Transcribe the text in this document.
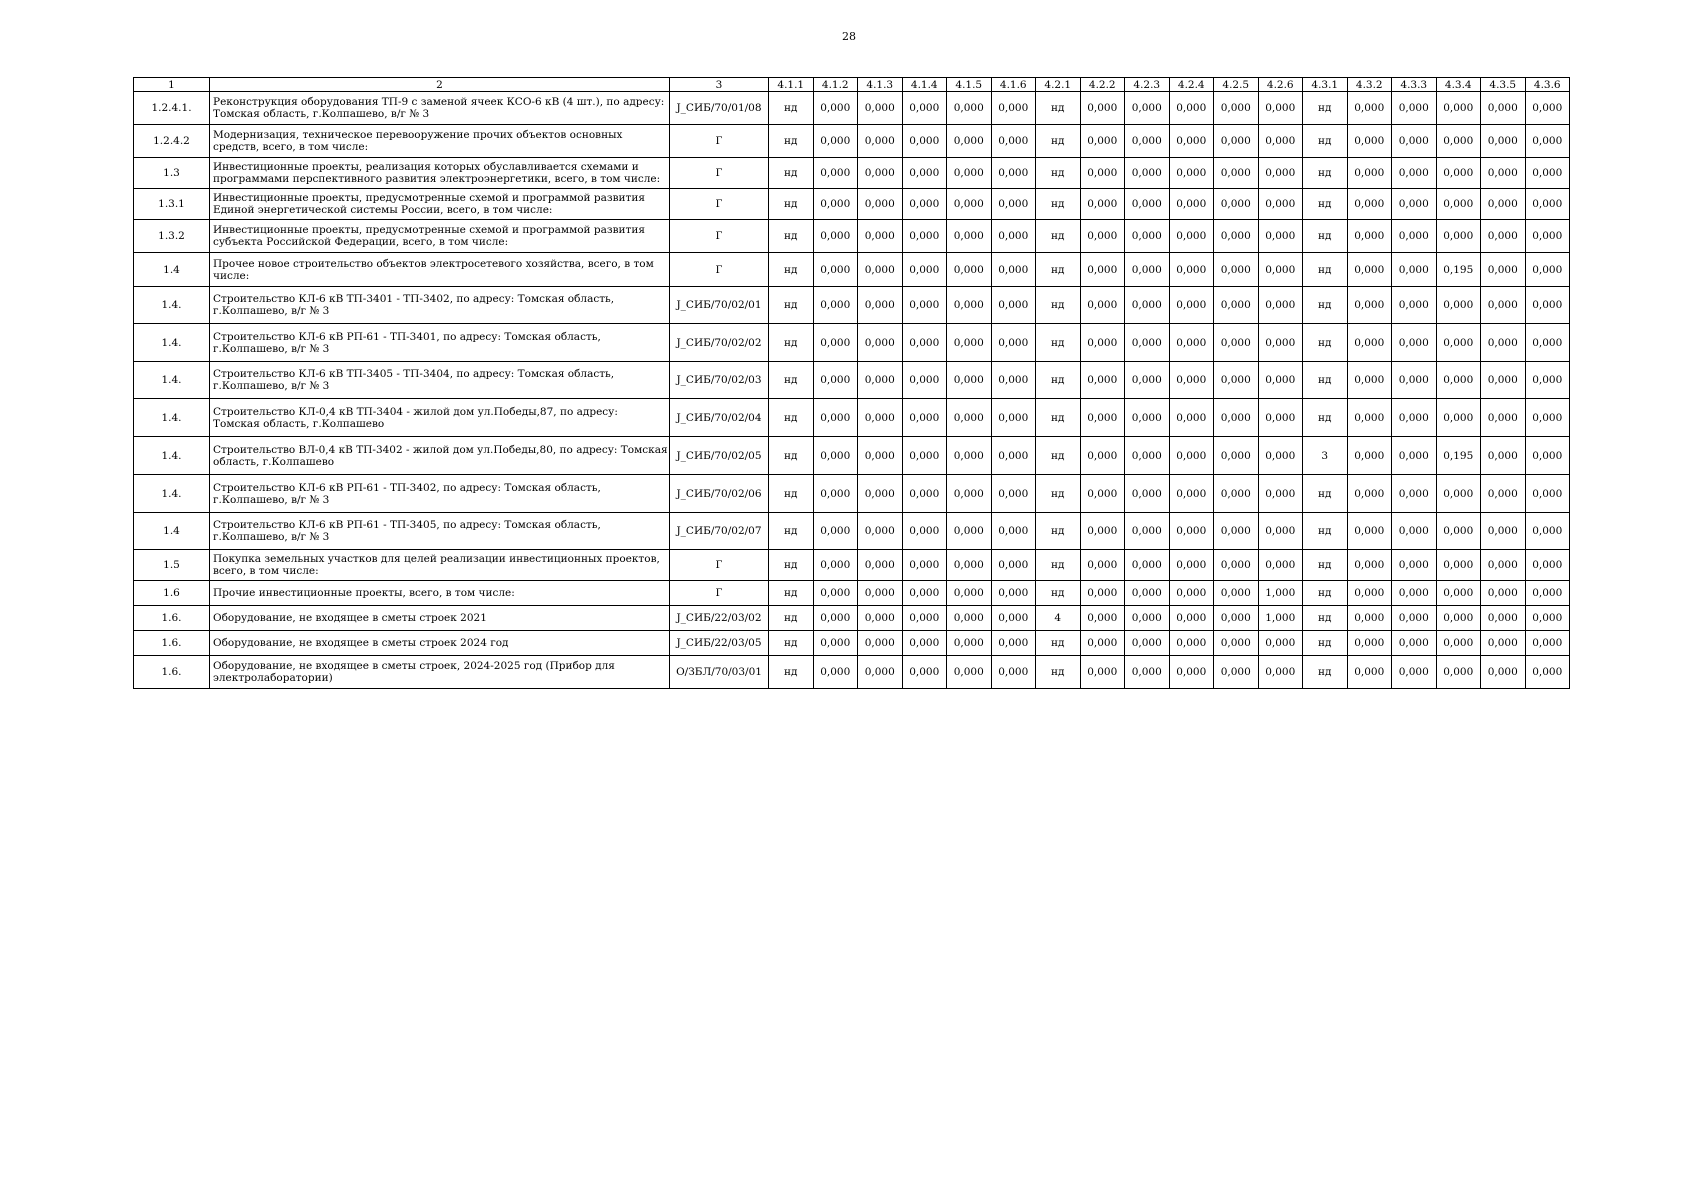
28
1	2	3	4.1.1	4.1.2	4.1.3	4.1.4	4.1.5	4.1.6	4.2.1	4.2.2	4.2.3	4.2.4	4.2.5	4.2.6	4.3.1	4.3.2	4.3.3	4.3.4	4.3.5	4.3.6
1.2.4.1.	Реконструкция оборудования ТП-9 с заменой ячеек КСО-6 кВ (4 шт.), по адресу: Томская область, г.Колпашево, в/г № 3	J_СИБ/70/01/08	нд	0,000	0,000	0,000	0,000	0,000	нд	0,000	0,000	0,000	0,000	0,000	нд	0,000	0,000	0,000	0,000	0,000
1.2.4.2	Модернизация, техническое перевооружение прочих объектов основных средств, всего, в том числе:	Г	нд	0,000	0,000	0,000	0,000	0,000	нд	0,000	0,000	0,000	0,000	0,000	нд	0,000	0,000	0,000	0,000	0,000
1.3	Инвестиционные проекты, реализация которых обуславливается схемами и программами перспективного развития электроэнергетики, всего, в том числе:	Г	нд	0,000	0,000	0,000	0,000	0,000	нд	0,000	0,000	0,000	0,000	0,000	нд	0,000	0,000	0,000	0,000	0,000
1.3.1	Инвестиционные проекты, предусмотренные схемой и программой развития Единой энергетической системы России, всего, в том числе:	Г	нд	0,000	0,000	0,000	0,000	0,000	нд	0,000	0,000	0,000	0,000	0,000	нд	0,000	0,000	0,000	0,000	0,000
1.3.2	Инвестиционные проекты, предусмотренные схемой и программой развития субъекта Российской Федерации, всего, в том числе:	Г	нд	0,000	0,000	0,000	0,000	0,000	нд	0,000	0,000	0,000	0,000	0,000	нд	0,000	0,000	0,000	0,000	0,000
1.4	Прочее новое строительство объектов электросетевого хозяйства, всего, в том числе:	Г	нд	0,000	0,000	0,000	0,000	0,000	нд	0,000	0,000	0,000	0,000	0,000	нд	0,000	0,000	0,195	0,000	0,000
1.4.	Строительство КЛ-6 кВ ТП-3401 - ТП-3402, по адресу: Томская область, г.Колпашево, в/г № 3	J_СИБ/70/02/01	нд	0,000	0,000	0,000	0,000	0,000	нд	0,000	0,000	0,000	0,000	0,000	нд	0,000	0,000	0,000	0,000	0,000
1.4.	Строительство КЛ-6 кВ РП-61 - ТП-3401, по адресу: Томская область, г.Колпашево, в/г № 3	J_СИБ/70/02/02	нд	0,000	0,000	0,000	0,000	0,000	нд	0,000	0,000	0,000	0,000	0,000	нд	0,000	0,000	0,000	0,000	0,000
1.4.	Строительство КЛ-6 кВ ТП-3405 - ТП-3404, по адресу: Томская область, г.Колпашево, в/г № 3	J_СИБ/70/02/03	нд	0,000	0,000	0,000	0,000	0,000	нд	0,000	0,000	0,000	0,000	0,000	нд	0,000	0,000	0,000	0,000	0,000
1.4.	Строительство КЛ-0,4 кВ ТП-3404 - жилой дом ул.Победы,87, по адресу: Томская область, г.Колпашево	J_СИБ/70/02/04	нд	0,000	0,000	0,000	0,000	0,000	нд	0,000	0,000	0,000	0,000	0,000	нд	0,000	0,000	0,000	0,000	0,000
1.4.	Строительство ВЛ-0,4 кВ ТП-3402 - жилой дом ул.Победы,80, по адресу: Томская область, г.Колпашево	J_СИБ/70/02/05	нд	0,000	0,000	0,000	0,000	0,000	нд	0,000	0,000	0,000	0,000	0,000	3	0,000	0,000	0,195	0,000	0,000
1.4.	Строительство КЛ-6 кВ РП-61 - ТП-3402, по адресу: Томская область, г.Колпашево, в/г № 3	J_СИБ/70/02/06	нд	0,000	0,000	0,000	0,000	0,000	нд	0,000	0,000	0,000	0,000	0,000	нд	0,000	0,000	0,000	0,000	0,000
1.4	Строительство КЛ-6 кВ РП-61 - ТП-3405, по адресу: Томская область, г.Колпашево, в/г № 3	J_СИБ/70/02/07	нд	0,000	0,000	0,000	0,000	0,000	нд	0,000	0,000	0,000	0,000	0,000	нд	0,000	0,000	0,000	0,000	0,000
1.5	Покупка земельных участков для целей реализации инвестиционных проектов, всего, в том числе:	Г	нд	0,000	0,000	0,000	0,000	0,000	нд	0,000	0,000	0,000	0,000	0,000	нд	0,000	0,000	0,000	0,000	0,000
1.6	Прочие инвестиционные проекты, всего, в том числе:	Г	нд	0,000	0,000	0,000	0,000	0,000	нд	0,000	0,000	0,000	0,000	1,000	нд	0,000	0,000	0,000	0,000	0,000
1.6.	Оборудование, не входящее в сметы строек 2021	J_СИБ/22/03/02	нд	0,000	0,000	0,000	0,000	0,000	4	0,000	0,000	0,000	0,000	1,000	нд	0,000	0,000	0,000	0,000	0,000
1.6.	Оборудование, не входящее в сметы строек 2024 год	J_СИБ/22/03/05	нд	0,000	0,000	0,000	0,000	0,000	нд	0,000	0,000	0,000	0,000	0,000	нд	0,000	0,000	0,000	0,000	0,000
1.6.	Оборудование, не входящее в сметы строек, 2024-2025 год (Прибор для электролаборатории)	О/ЗБЛ/70/03/01	нд	0,000	0,000	0,000	0,000	0,000	нд	0,000	0,000	0,000	0,000	0,000	нд	0,000	0,000	0,000	0,000	0,000
